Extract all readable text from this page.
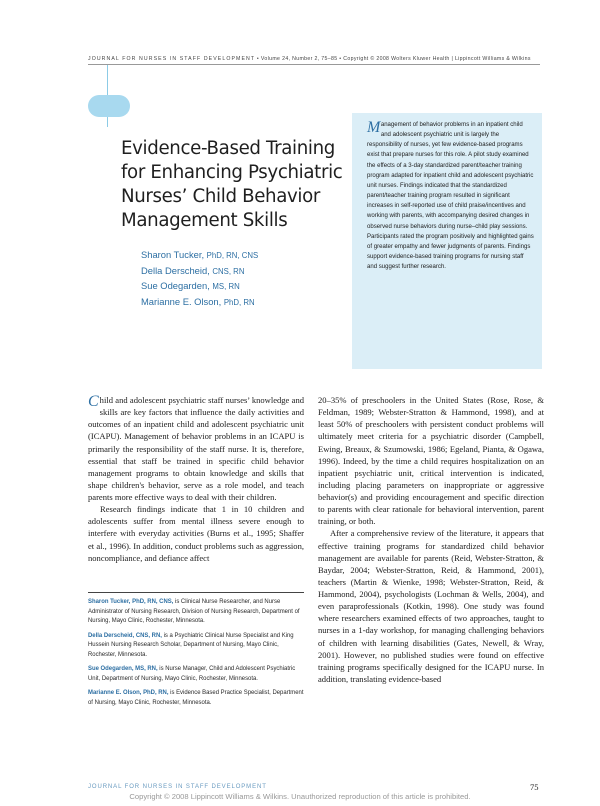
JOURNAL FOR NURSES IN STAFF DEVELOPMENT • Volume 24, Number 2, 75–85 • Copyright © 2008 Wolters Kluwer Health | Lippincott Williams & Wilkins
Evidence-Based Training for Enhancing Psychiatric Nurses’ Child Behavior Management Skills
Sharon Tucker, PhD, RN, CNS
Della Derscheid, CNS, RN
Sue Odegarden, MS, RN
Marianne E. Olson, PhD, RN

Management of behavior problems in an inpatient child and adolescent psychiatric unit is largely the responsibility of nurses, yet few evidence-based programs exist that prepare nurses for this role. A pilot study examined the effects of a 3-day standardized parent/teacher training program adapted for inpatient child and adolescent psychiatric unit nurses. Findings indicated that the standardized parent/teacher training program resulted in significant increases in self-reported use of child praise/incentives and working with parents, with accompanying desired changes in observed nurse behaviors during nurse–child play sessions. Participants rated the program positively and highlighted gains of greater empathy and fewer judgments of parents. Findings support evidence-based training programs for nursing staff and suggest further research.

Child and adolescent psychiatric staff nurses’ knowledge and skills are key factors that influence the daily activities and outcomes of an inpatient child and adolescent psychiatric unit (ICAPU). Management of behavior problems in an ICAPU is primarily the responsibility of the staff nurse. It is, therefore, essential that staff be trained in specific child behavior management programs to obtain knowledge and skills that shape children's behavior, serve as a role model, and teach parents more effective ways to deal with their children.

Research findings indicate that 1 in 10 children and adolescents suffer from mental illness severe enough to interfere with everyday activities (Burns et al., 1995; Shaffer et al., 1996). In addition, conduct problems such as aggression, noncompliance, and defiance affect

20–35% of preschoolers in the United States (Rose, Rose, & Feldman, 1989; Webster-Stratton & Hammond, 1998), and at least 50% of preschoolers with persistent conduct problems will ultimately meet criteria for a psychiatric disorder (Campbell, Ewing, Breaux, & Szumowski, 1986; Egeland, Pianta, & Ogawa, 1996). Indeed, by the time a child requires hospitalization on an inpatient psychiatric unit, critical intervention is indicated, including placing parameters on inappropriate or aggressive behavior(s) and providing encouragement and specific direction to parents with clear rationale for behavioral intervention, parent training, or both.

After a comprehensive review of the literature, it appears that effective training programs for standardized child behavior management are available for parents (Reid, Webster-Stratton, & Baydar, 2004; Webster-Stratton, Reid, & Hammond, 2001), teachers (Martin & Wienke, 1998; Webster-Stratton, Reid, & Hammond, 2004), psychologists (Lochman & Wells, 2004), and even paraprofessionals (Kotkin, 1998). One study was found where researchers examined effects of two approaches, taught to nurses in a 1-day workshop, for managing challenging behaviors of children with learning disabilities (Gates, Newell, & Wray, 2001). However, no published studies were found on effective training programs specifically designed for the ICAPU nurse. In addition, translating evidence-based

Sharon Tucker, PhD, RN, CNS, is Clinical Nurse Researcher, and Nurse Administrator of Nursing Research, Division of Nursing Research, Department of Nursing, Mayo Clinic, Rochester, Minnesota.

Della Derscheid, CNS, RN, is a Psychiatric Clinical Nurse Specialist and King Hussein Nursing Research Scholar, Department of Nursing, Mayo Clinic, Rochester, Minnesota.

Sue Odegarden, MS, RN, is Nurse Manager, Child and Adolescent Psychiatric Unit, Department of Nursing, Mayo Clinic, Rochester, Minnesota.

Marianne E. Olson, PhD, RN, is Evidence Based Practice Specialist, Department of Nursing, Mayo Clinic, Rochester, Minnesota.

JOURNAL FOR NURSES IN STAFF DEVELOPMENT	75
Copyright © 2008 Lippincott Williams & Wilkins. Unauthorized reproduction of this article is prohibited.
